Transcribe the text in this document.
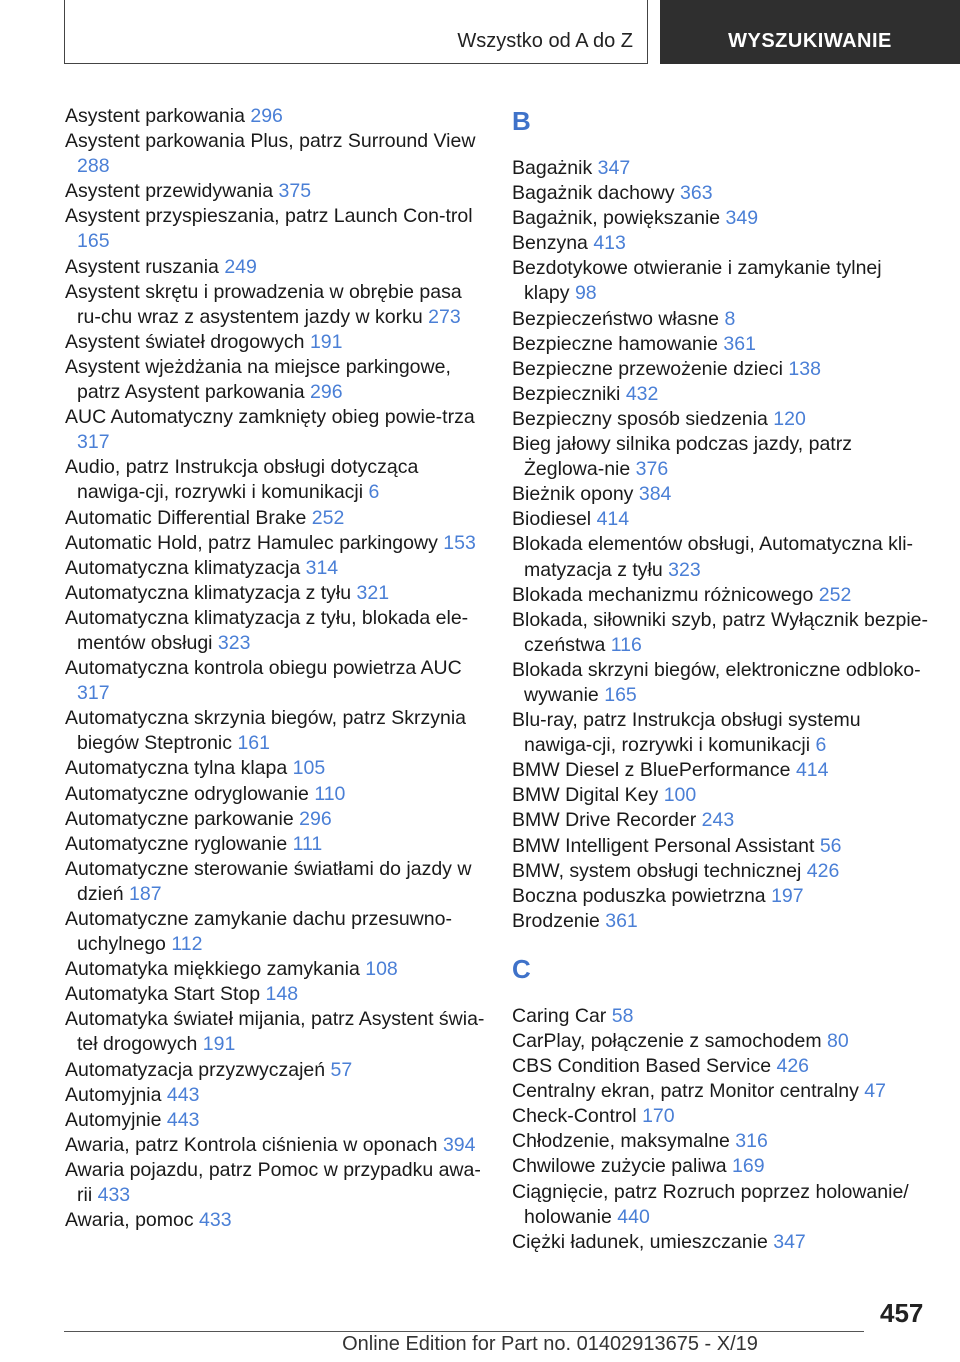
Wszystko od A do Z	WYSZUKIWANIE
Asystent parkowania 296
Asystent parkowania Plus, patrz Surround View 288
Asystent przewidywania 375
Asystent przyspieszania, patrz Launch Con-trol 165
Asystent ruszania 249
Asystent skrętu i prowadzenia w obrębie pasa ru-chu wraz z asystentem jazdy w korku 273
Asystent świateł drogowych 191
Asystent wjeżdżania na miejsce parkingowe, patrz Asystent parkowania 296
AUC Automatyczny zamknięty obieg powie-trza 317
Audio, patrz Instrukcja obsługi dotycząca nawiga-cji, rozrywki i komunikacji 6
Automatic Differential Brake 252
Automatic Hold, patrz Hamulec parkingowy 153
Automatyczna klimatyzacja 314
Automatyczna klimatyzacja z tyłu 321
Automatyczna klimatyzacja z tyłu, blokada ele-mentów obsługi 323
Automatyczna kontrola obiegu powietrza AUC 317
Automatyczna skrzynia biegów, patrz Skrzynia biegów Steptronic 161
Automatyczna tylna klapa 105
Automatyczne odryglowanie 110
Automatyczne parkowanie 296
Automatyczne ryglowanie 111
Automatyczne sterowanie światłami do jazdy w dzień 187
Automatyczne zamykanie dachu przesuwno-uchylnego 112
Automatyka miękkiego zamykania 108
Automatyka Start Stop 148
Automatyka świateł mijania, patrz Asystent świa-teł drogowych 191
Automatyzacja przyzwyczajeń 57
Automyjnia 443
Automyjnie 443
Awaria, patrz Kontrola ciśnienia w oponach 394
Awaria pojazdu, patrz Pomoc w przypadku awa-rii 433
Awaria, pomoc 433
B
Bagażnik 347
Bagażnik dachowy 363
Bagażnik, powiększanie 349
Benzyna 413
Bezdotykowe otwieranie i zamykanie tylnej klapy 98
Bezpieczeństwo własne 8
Bezpieczne hamowanie 361
Bezpieczne przewożenie dzieci 138
Bezpieczniki 432
Bezpieczny sposób siedzenia 120
Bieg jałowy silnika podczas jazdy, patrz Żeglowa-nie 376
Bieżnik opony 384
Biodiesel 414
Blokada elementów obsługi, Automatyczna kli-matyzacja z tyłu 323
Blokada mechanizmu różnicowego 252
Blokada, siłowniki szyb, patrz Wyłącznik bezpie-czeństwa 116
Blokada skrzyni biegów, elektroniczne odbloko-wywanie 165
Blu-ray, patrz Instrukcja obsługi systemu nawiga-cji, rozrywki i komunikacji 6
BMW Diesel z BluePerformance 414
BMW Digital Key 100
BMW Drive Recorder 243
BMW Intelligent Personal Assistant 56
BMW, system obsługi technicznej 426
Boczna poduszka powietrzna 197
Brodzenie 361
C
Caring Car 58
CarPlay, połączenie z samochodem 80
CBS Condition Based Service 426
Centralny ekran, patrz Monitor centralny 47
Check-Control 170
Chłodzenie, maksymalne 316
Chwilowe zużycie paliwa 169
Ciągnięcie, patrz Rozruch poprzez holowanie/ holowanie 440
Ciężki ładunek, umieszczanie 347
457
Online Edition for Part no. 01402913675 - X/19
